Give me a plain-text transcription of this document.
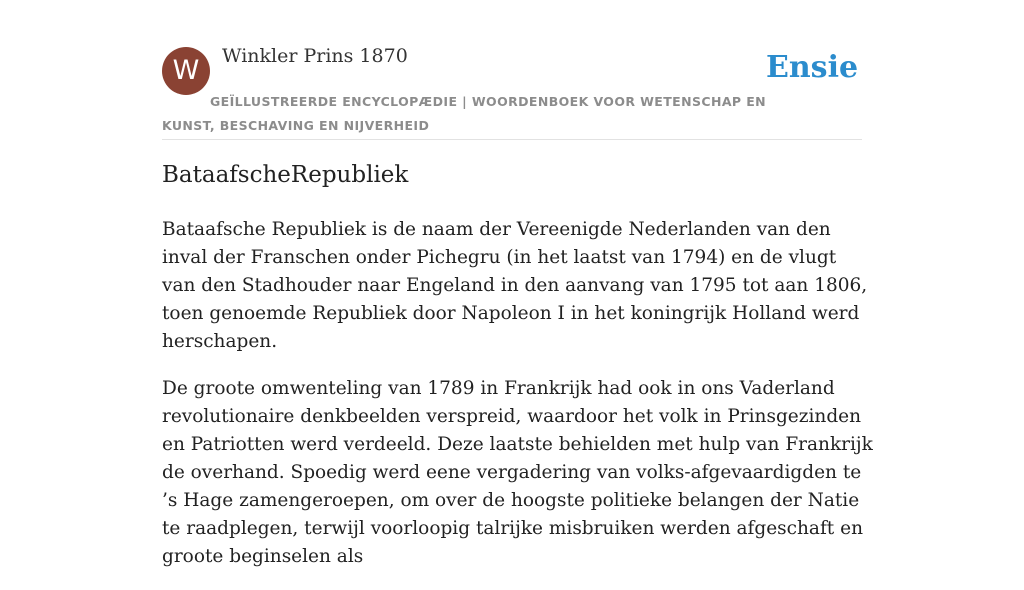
W	Winkler Prins 1870	Ensie
GEÏLLUSTREERDE ENCYCLOPÆDIE | WOORDENBOEK VOOR WETENSCHAP EN KUNST, BESCHAVING EN NIJVERHEID
BataafscheRepubliek

Bataafsche Republiek is de naam der Vereenigde Nederlanden van den inval der Franschen onder Pichegru (in het laatst van 1794) en de vlugt van den Stadhouder naar Engeland in den aanvang van 1795 tot aan 1806, toen genoemde Republiek door Napoleon I in het koningrijk Holland werd herschapen.

De groote omwenteling van 1789 in Frankrijk had ook in ons Vaderland revolutionaire denkbeelden verspreid, waardoor het volk in Prinsgezinden en Patriotten werd verdeeld. Deze laatste behielden met hulp van Frankrijk de overhand. Spoedig werd eene vergadering van volks-afgevaardigden te ’s Hage zamengeroepen, om over de hoogste politieke belangen der Natie te raadplegen, terwijl voorloopig talrijke misbruiken werden afgeschaft en groote beginselen als
